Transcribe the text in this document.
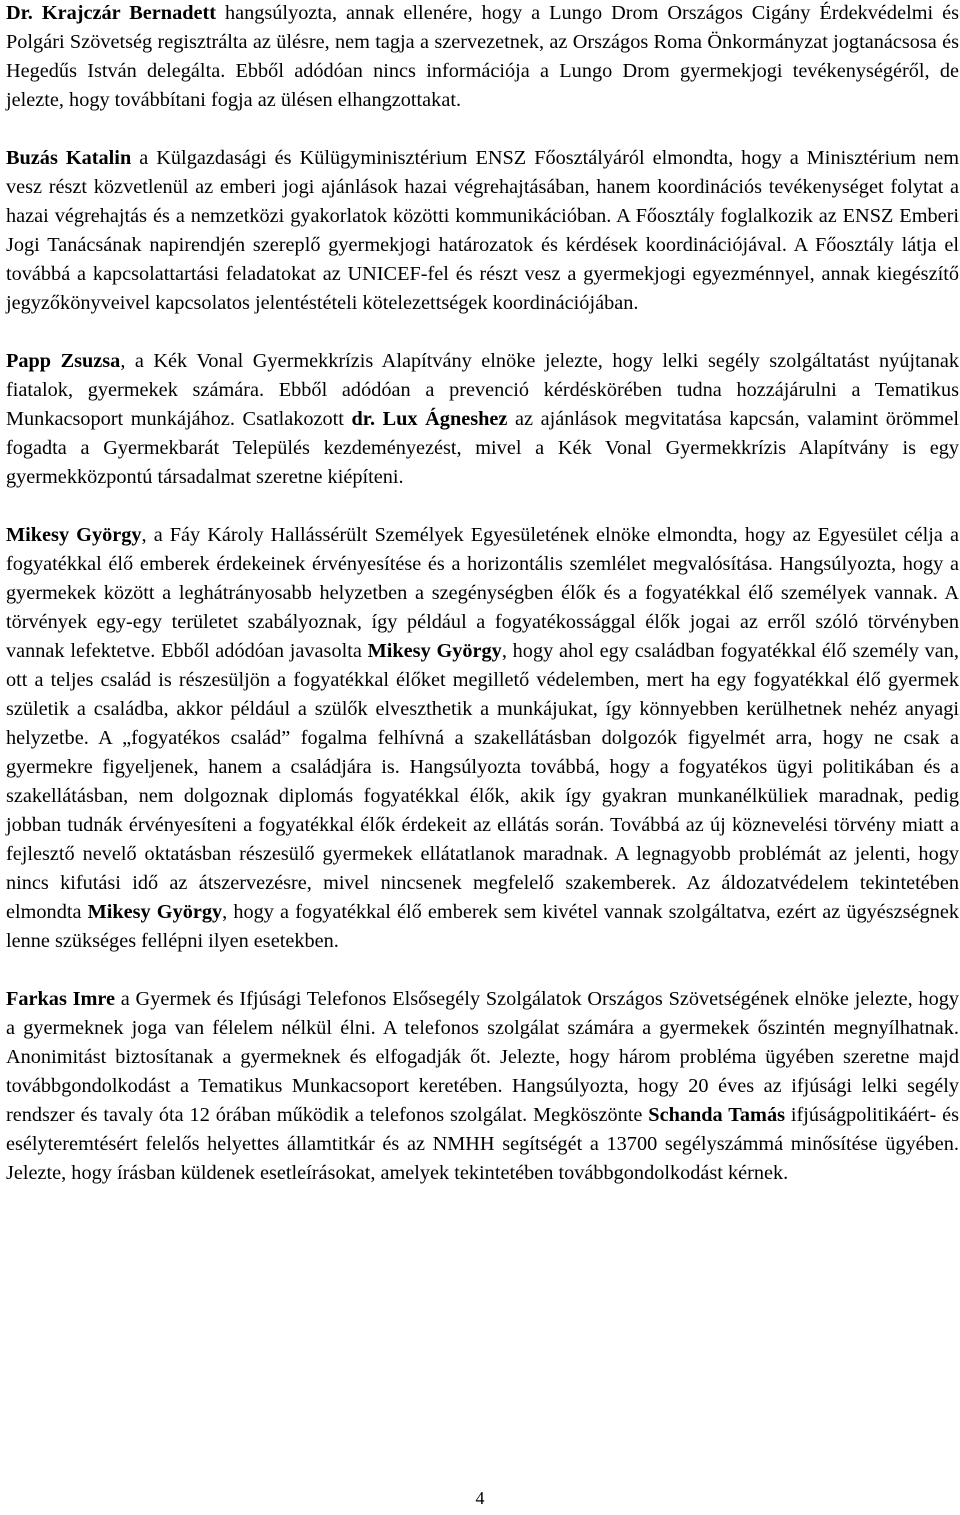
Dr. Krajczár Bernadett hangsúlyozta, annak ellenére, hogy a Lungo Drom Országos Cigány Érdekvédelmi és Polgári Szövetség regisztrálta az ülésre, nem tagja a szervezetnek, az Országos Roma Önkormányzat jogtanácsosa és Hegedűs István delegálta. Ebből adódóan nincs információja a Lungo Drom gyermekjogi tevékenységéről, de jelezte, hogy továbbítani fogja az ülésen elhangzottakat.

Buzás Katalin a Külgazdasági és Külügyminisztérium ENSZ Főosztályáról elmondta, hogy a Minisztérium nem vesz részt közvetlenül az emberi jogi ajánlások hazai végrehajtásában, hanem koordinációs tevékenységet folytat a hazai végrehajtás és a nemzetközi gyakorlatok közötti kommunikációban. A Főosztály foglalkozik az ENSZ Emberi Jogi Tanácsának napirendjén szereplő gyermekjogi határozatok és kérdések koordinációjával. A Főosztály látja el továbbá a kapcsolattartási feladatokat az UNICEF-fel és részt vesz a gyermekjogi egyezménnyel, annak kiegészítő jegyzőkönyveivel kapcsolatos jelentéstételi kötelezettségek koordinációjában.

Papp Zsuzsa, a Kék Vonal Gyermekkrízis Alapítvány elnöke jelezte, hogy lelki segély szolgáltatást nyújtanak fiatalok, gyermekek számára. Ebből adódóan a prevenció kérdéskörében tudna hozzájárulni a Tematikus Munkacsoport munkájához. Csatlakozott dr. Lux Ágneshez az ajánlások megvitatása kapcsán, valamint örömmel fogadta a Gyermekbarát Település kezdeményezést, mivel a Kék Vonal Gyermekkrízis Alapítvány is egy gyermekközpontú társadalmat szeretne kiépíteni.

Mikesy György, a Fáy Károly Hallássérült Személyek Egyesületének elnöke elmondta, hogy az Egyesület célja a fogyatékkal élő emberek érdekeinek érvényesítése és a horizontális szemlélet megvalósítása. Hangsúlyozta, hogy a gyermekek között a leghátrányosabb helyzetben a szegénységben élők és a fogyatékkal élő személyek vannak. A törvények egy-egy területet szabályoznak, így például a fogyatékossággal élők jogai az erről szóló törvényben vannak lefektetve. Ebből adódóan javasolta Mikesy György, hogy ahol egy családban fogyatékkal élő személy van, ott a teljes család is részesüljön a fogyatékkal élőket megillető védelemben, mert ha egy fogyatékkal élő gyermek születik a családba, akkor például a szülők elveszthetik a munkájukat, így könnyebben kerülhetnek nehéz anyagi helyzetbe. A „fogyatékos család” fogalma felhívná a szakellátásban dolgozók figyelmét arra, hogy ne csak a gyermekre figyeljenek, hanem a családjára is. Hangsúlyozta továbbá, hogy a fogyatékos ügyi politikában és a szakellátásban, nem dolgoznak diplomás fogyatékkal élők, akik így gyakran munkanélküliek maradnak, pedig jobban tudnák érvényesíteni a fogyatékkal élők érdekeit az ellátás során. Továbbá az új köznevelési törvény miatt a fejlesztő nevelő oktatásban részesülő gyermekek ellátatlanok maradnak. A legnagyobb problémát az jelenti, hogy nincs kifutási idő az átszervezésre, mivel nincsenek megfelelő szakemberek. Az áldozatvédelem tekintetében elmondta Mikesy György, hogy a fogyatékkal élő emberek sem kivétel vannak szolgáltatva, ezért az ügyészségnek lenne szükséges fellépni ilyen esetekben.

Farkas Imre a Gyermek és Ifjúsági Telefonos Elsősegély Szolgálatok Országos Szövetségének elnöke jelezte, hogy a gyermeknek joga van félelem nélkül élni. A telefonos szolgálat számára a gyermekek őszintén megnyílhatnak. Anonimitást biztosítanak a gyermeknek és elfogadják őt. Jelezte, hogy három probléma ügyében szeretne majd továbbgondolkodást a Tematikus Munkacsoport keretében. Hangsúlyozta, hogy 20 éves az ifjúsági lelki segély rendszer és tavaly óta 12 órában működik a telefonos szolgálat. Megköszönte Schanda Tamás ifjúságpolitikáért- és esélyteremtésért felelős helyettes államtitkár és az NMHH segítségét a 13700 segélyszámmá minősítése ügyében. Jelezte, hogy írásban küldenek esetleírásokat, amelyek tekintetében továbbgondolkodást kérnek.

4
